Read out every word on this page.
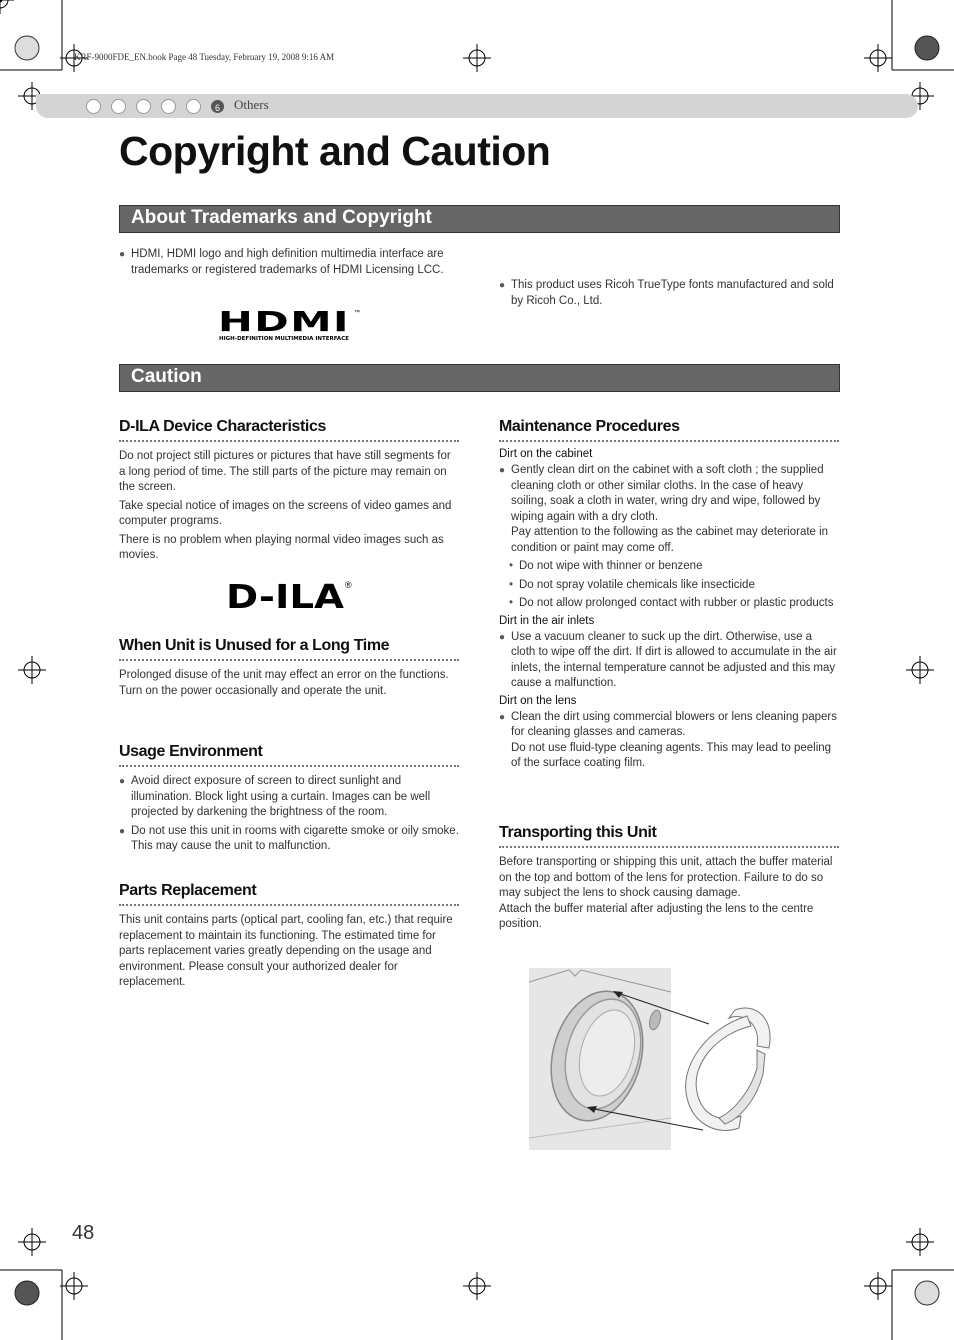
KRF-9000FDE_EN.book Page 48 Tuesday, February 19, 2008 9:16 AM
6	Others
Copyright and Caution
About Trademarks and Copyright
● HDMI, HDMI logo and high definition multimedia interface are trademarks or registered trademarks of HDMI Licensing LCC.
● This product uses Ricoh TrueType fonts manufactured and sold by Ricoh Co., Ltd.
HDMI ™
HIGH-DEFINITION MULTIMEDIA INTERFACE
Caution
D-ILA Device Characteristics
Do not project still pictures or pictures that have still segments for a long period of time. The still parts of the picture may remain on the screen.
Take special notice of images on the screens of video games and computer programs.
There is no problem when playing normal video images such as movies.
D-ILA ®
When Unit is Unused for a Long Time
Prolonged disuse of the unit may effect an error on the functions. Turn on the power occasionally and operate the unit.
Usage Environment
● Avoid direct exposure of screen to direct sunlight and illumination. Block light using a curtain. Images can be well projected by darkening the brightness of the room.
● Do not use this unit in rooms with cigarette smoke or oily smoke. This may cause the unit to malfunction.
Parts Replacement
This unit contains parts (optical part, cooling fan, etc.) that require replacement to maintain its functioning. The estimated time for parts replacement varies greatly depending on the usage and environment. Please consult your authorized dealer for replacement.
Maintenance Procedures
Dirt on the cabinet
● Gently clean dirt on the cabinet with a soft cloth ; the supplied cleaning cloth or other similar cloths. In the case of heavy soiling, soak a cloth in water, wring dry and wipe, followed by wiping again with a dry cloth.
Pay attention to the following as the cabinet may deteriorate in condition or paint may come off.
• Do not wipe with thinner or benzene
• Do not spray volatile chemicals like insecticide
• Do not allow prolonged contact with rubber or plastic products
Dirt in the air inlets
● Use a vacuum cleaner to suck up the dirt. Otherwise, use a cloth to wipe off the dirt. If dirt is allowed to accumulate in the air inlets, the internal temperature cannot be adjusted and this may cause a malfunction.
Dirt on the lens
● Clean the dirt using commercial blowers or lens cleaning papers for cleaning glasses and cameras.
Do not use fluid-type cleaning agents. This may lead to peeling of the surface coating film.
Transporting this Unit
Before transporting or shipping this unit, attach the buffer material on the top and bottom of the lens for protection. Failure to do so may subject the lens to shock causing damage.
Attach the buffer material after adjusting the lens to the centre position.
48
